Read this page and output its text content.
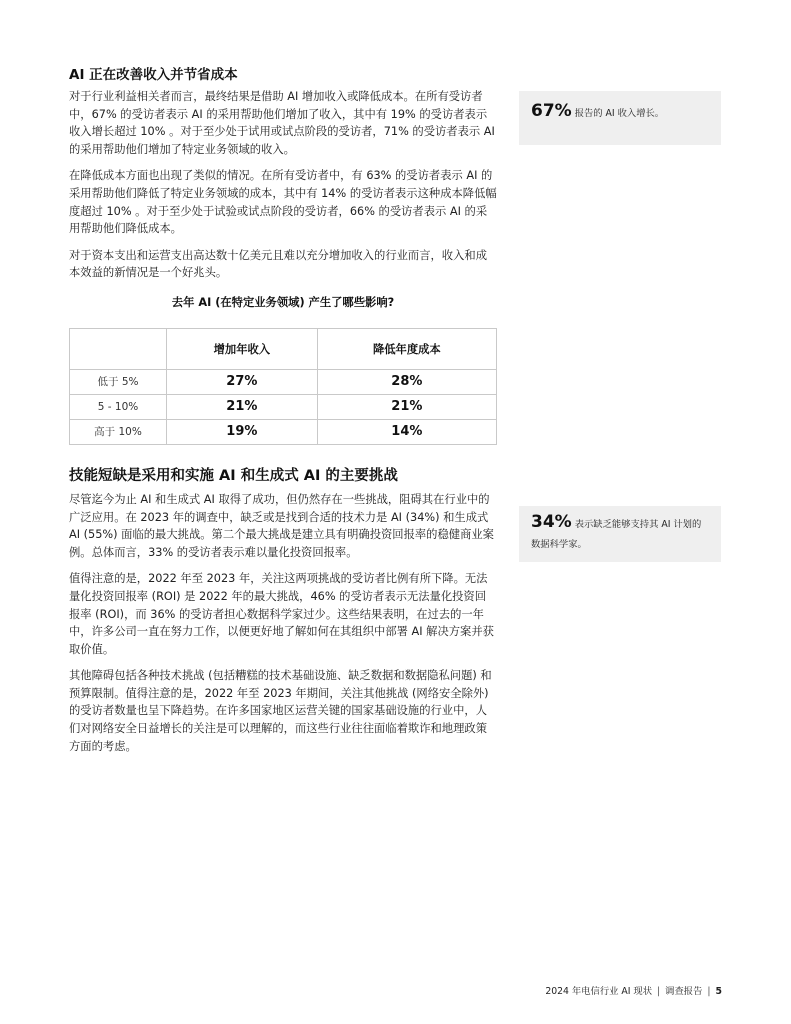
AI 正在改善收入并节省成本

对于行业利益相关者而言，最终结果是借助 AI 增加收入或降低成本。在所有受访者中，67% 的受访者表示 AI 的采用帮助他们增加了收入，其中有 19% 的受访者表示收入增长超过 10% 。对于至少处于试用或试点阶段的受访者，71% 的受访者表示 AI 的采用帮助他们增加了特定业务领域的收入。

在降低成本方面也出现了类似的情况。在所有受访者中，有 63% 的受访者表示 AI 的采用帮助他们降低了特定业务领域的成本，其中有 14% 的受访者表示这种成本降低幅度超过 10% 。对于至少处于试验或试点阶段的受访者，66% 的受访者表示 AI 的采用帮助他们降低成本。

对于资本支出和运营支出高达数十亿美元且难以充分增加收入的行业而言，收入和成本效益的新情况是一个好兆头。

去年 AI (在特定业务领域) 产生了哪些影响?
	增加年收入	降低年度成本
低于 5%	27%	28%
5 - 10%	21%	21%
高于 10%	19%	14%
技能短缺是采用和实施 AI 和生成式 AI 的主要挑战

尽管迄今为止 AI 和生成式 AI 取得了成功，但仍然存在一些挑战，阻碍其在行业中的广泛应用。在 2023 年的调查中，缺乏或是找到合适的技术力是 AI (34%) 和生成式 AI (55%) 面临的最大挑战。第二个最大挑战是建立具有明确投资回报率的稳健商业案例。总体而言，33% 的受访者表示难以量化投资回报率。

值得注意的是，2022 年至 2023 年，关注这两项挑战的受访者比例有所下降。无法量化投资回报率 (ROI) 是 2022 年的最大挑战，46% 的受访者表示无法量化投资回报率 (ROI)，而 36% 的受访者担心数据科学家过少。这些结果表明，在过去的一年中，许多公司一直在努力工作，以便更好地了解如何在其组织中部署 AI 解决方案并获取价值。

其他障碍包括各种技术挑战 (包括糟糕的技术基础设施、缺乏数据和数据隐私问题) 和预算限制。值得注意的是，2022 年至 2023 年期间，关注其他挑战 (网络安全除外) 的受访者数量也呈下降趋势。在许多国家地区运营关键的国家基础设施的行业中，人们对网络安全日益增长的关注是可以理解的，而这些行业往往面临着欺诈和地理政策方面的考虑。

67% 报告的 AI 收入增长。
34% 表示缺乏能够支持其 AI 计划的数据科学家。
2024 年电信行业 AI 现状 | 调查报告 | 5
